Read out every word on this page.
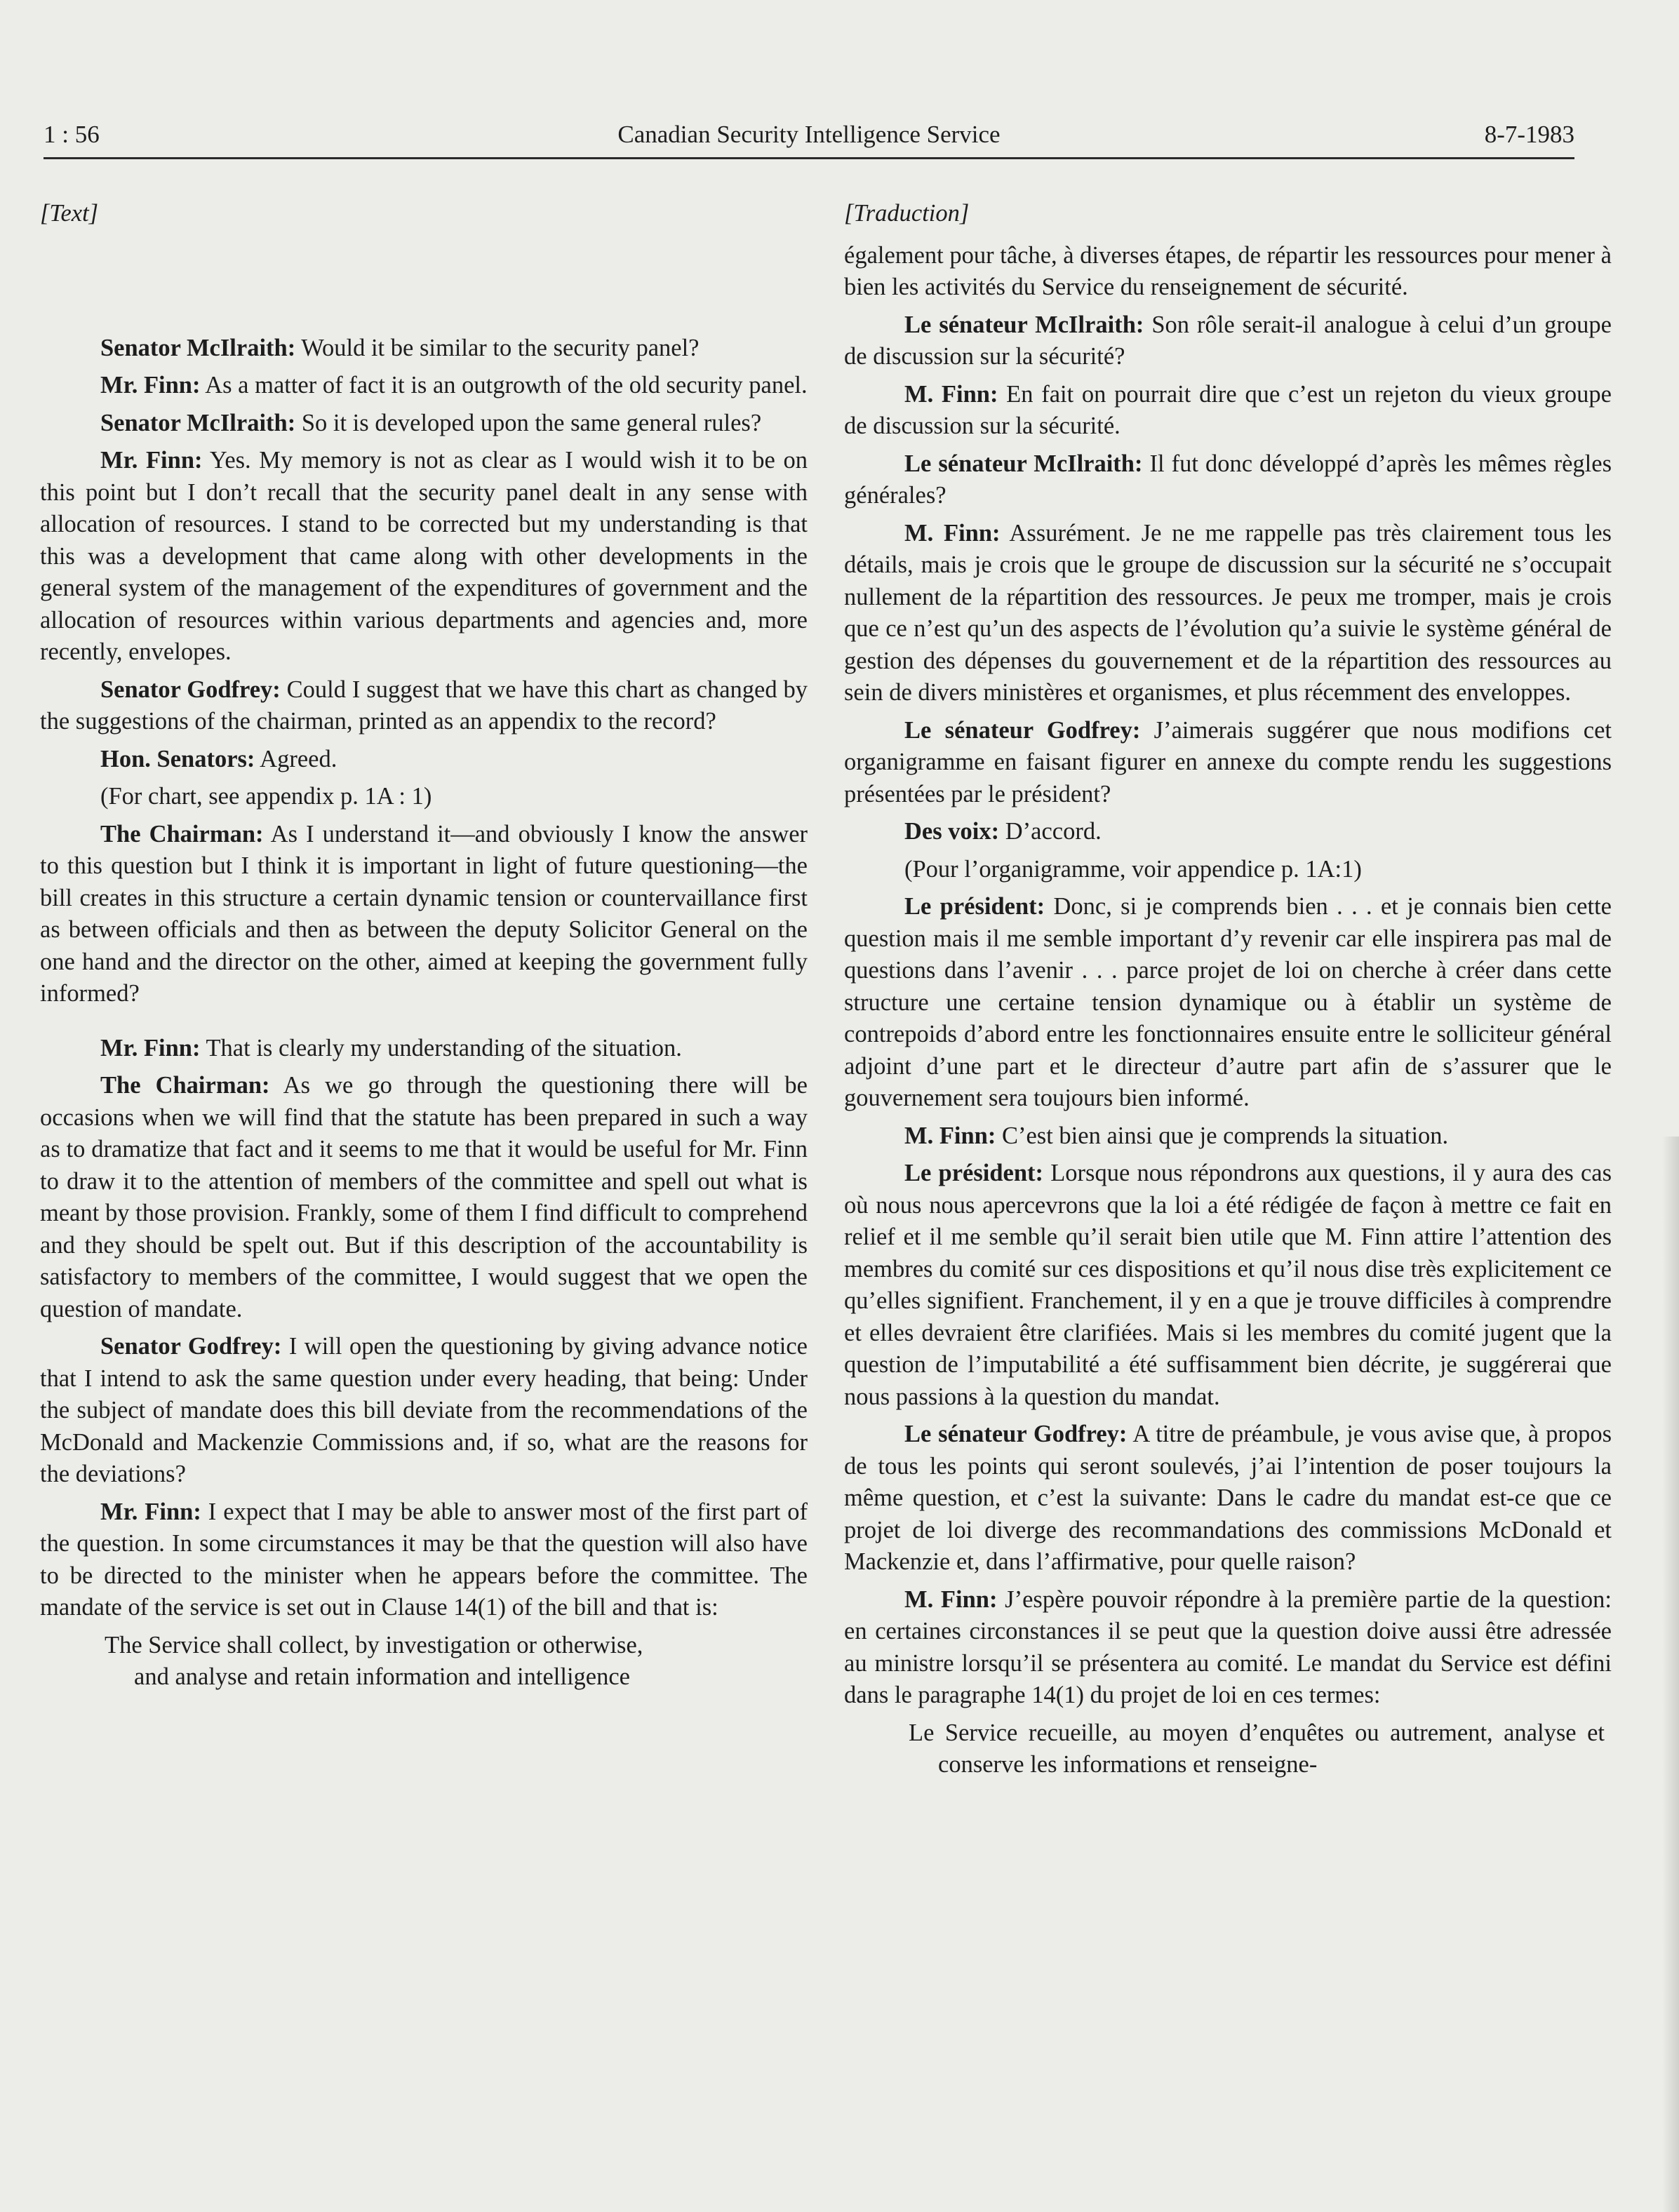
1 : 56	Canadian Security Intelligence Service	8-7-1983

[Text]

Senator McIlraith: Would it be similar to the security panel?

Mr. Finn: As a matter of fact it is an outgrowth of the old security panel.

Senator McIlraith: So it is developed upon the same general rules?

Mr. Finn: Yes. My memory is not as clear as I would wish it to be on this point but I don’t recall that the security panel dealt in any sense with allocation of resources. I stand to be corrected but my understanding is that this was a development that came along with other developments in the general system of the management of the expenditures of government and the allocation of resources within various departments and agencies and, more recently, envelopes.

Senator Godfrey: Could I suggest that we have this chart as changed by the suggestions of the chairman, printed as an appendix to the record?

Hon. Senators: Agreed.

(For chart, see appendix p. 1A : 1)

The Chairman: As I understand it—and obviously I know the answer to this question but I think it is important in light of future questioning—the bill creates in this structure a certain dynamic tension or countervaillance first as between officials and then as between the deputy Solicitor General on the one hand and the director on the other, aimed at keeping the government fully informed?

Mr. Finn: That is clearly my understanding of the situation.

The Chairman: As we go through the questioning there will be occasions when we will find that the statute has been prepared in such a way as to dramatize that fact and it seems to me that it would be useful for Mr. Finn to draw it to the attention of members of the committee and spell out what is meant by those provision. Frankly, some of them I find difficult to comprehend and they should be spelt out. But if this description of the accountability is satisfactory to members of the committee, I would suggest that we open the question of mandate.

Senator Godfrey: I will open the questioning by giving advance notice that I intend to ask the same question under every heading, that being: Under the subject of mandate does this bill deviate from the recommendations of the McDonald and Mackenzie Commissions and, if so, what are the reasons for the deviations?

Mr. Finn: I expect that I may be able to answer most of the first part of the question. In some circumstances it may be that the question will also have to be directed to the minister when he appears before the committee. The mandate of the service is set out in Clause 14(1) of the bill and that is:

The Service shall collect, by investigation or otherwise,
and analyse and retain information and intelligence

[Traduction]

également pour tâche, à diverses étapes, de répartir les ressources pour mener à bien les activités du Service du renseignement de sécurité.

Le sénateur McIlraith: Son rôle serait-il analogue à celui d’un groupe de discussion sur la sécurité?

M. Finn: En fait on pourrait dire que c’est un rejeton du vieux groupe de discussion sur la sécurité.

Le sénateur McIlraith: Il fut donc développé d’après les mêmes règles générales?

M. Finn: Assurément. Je ne me rappelle pas très clairement tous les détails, mais je crois que le groupe de discussion sur la sécurité ne s’occupait nullement de la répartition des ressources. Je peux me tromper, mais je crois que ce n’est qu’un des aspects de l’évolution qu’a suivie le système général de gestion des dépenses du gouvernement et de la répartition des ressources au sein de divers ministères et organismes, et plus récemment des enveloppes.

Le sénateur Godfrey: J’aimerais suggérer que nous modifions cet organigramme en faisant figurer en annexe du compte rendu les suggestions présentées par le président?

Des voix: D’accord.

(Pour l’organigramme, voir appendice p. 1A:1)

Le président: Donc, si je comprends bien . . . et je connais bien cette question mais il me semble important d’y revenir car elle inspirera pas mal de questions dans l’avenir . . . parce projet de loi on cherche à créer dans cette structure une certaine tension dynamique ou à établir un système de contrepoids d’abord entre les fonctionnaires ensuite entre le solliciteur général adjoint d’une part et le directeur d’autre part afin de s’assurer que le gouvernement sera toujours bien informé.

M. Finn: C’est bien ainsi que je comprends la situation.

Le président: Lorsque nous répondrons aux questions, il y aura des cas où nous nous apercevrons que la loi a été rédigée de façon à mettre ce fait en relief et il me semble qu’il serait bien utile que M. Finn attire l’attention des membres du comité sur ces dispositions et qu’il nous dise très explicitement ce qu’elles signifient. Franchement, il y en a que je trouve difficiles à comprendre et elles devraient être clarifiées. Mais si les membres du comité jugent que la question de l’imputabilité a été suffisamment bien décrite, je suggérerai que nous passions à la question du mandat.

Le sénateur Godfrey: A titre de préambule, je vous avise que, à propos de tous les points qui seront soulevés, j’ai l’intention de poser toujours la même question, et c’est la suivante: Dans le cadre du mandat est-ce que ce projet de loi diverge des recommandations des commissions McDonald et Mackenzie et, dans l’affirmative, pour quelle raison?

M. Finn: J’espère pouvoir répondre à la première partie de la question: en certaines circonstances il se peut que la question doive aussi être adressée au ministre lorsqu’il se présentera au comité. Le mandat du Service est défini dans le paragraphe 14(1) du projet de loi en ces termes:

Le Service recueille, au moyen d’enquêtes ou autrement, analyse et conserve les informations et renseigne-
